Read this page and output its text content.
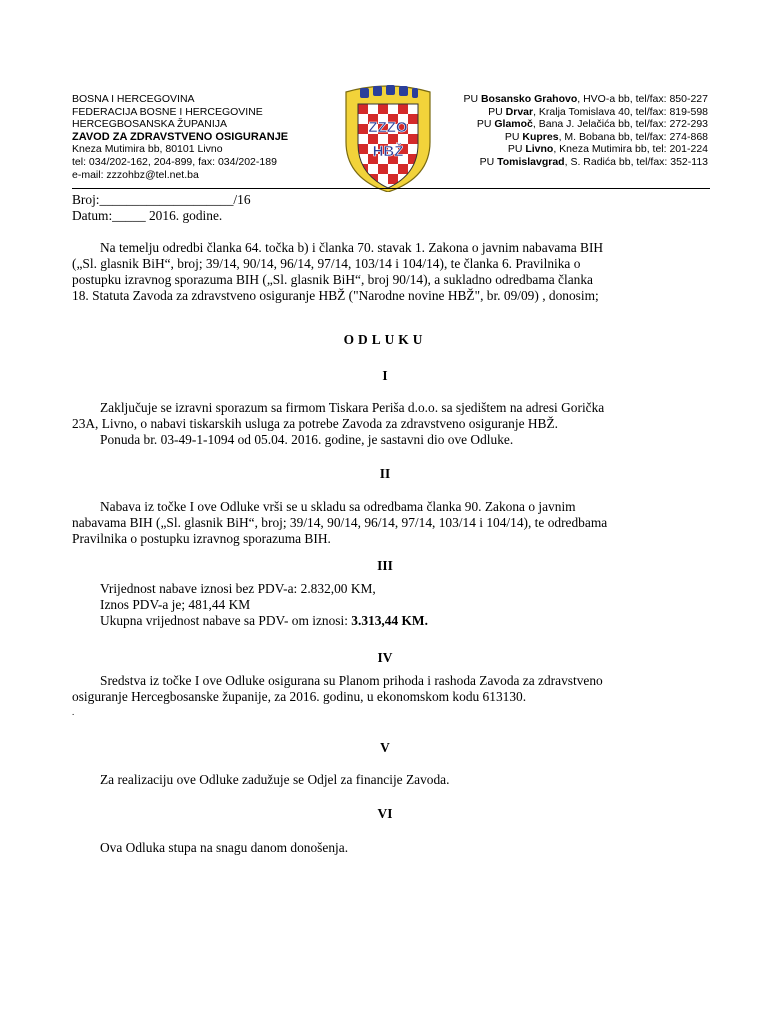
BOSNA I HERCEGOVINA
FEDERACIJA BOSNE I HERCEGOVINE
HERCEGBOSANSKA ŽUPANIJA
ZAVOD ZA ZDRAVSTVENO OSIGURANJE
Kneza Mutimira bb, 80101 Livno
tel: 034/202-162, 204-899, fax: 034/202-189
e-mail: zzzohbz@tel.net.ba
ZZZO
HBŽ
PU Bosansko Grahovo, HVO-a bb, tel/fax: 850-227
PU Drvar, Kralja Tomislava 40, tel/fax: 819-598
PU Glamoč, Bana J. Jelačića bb, tel/fax: 272-293
PU Kupres, M. Bobana bb, tel/fax: 274-868
PU Livno, Kneza Mutimira bb, tel: 201-224
PU Tomislavgrad, S. Radića bb, tel/fax: 352-113
Broj:____________________/16
Datum:_____ 2016. godine.
Na temelju odredbi članka 64. točka b) i članka 70. stavak 1. Zakona o javnim nabavama BIH
(„Sl. glasnik BiH“, broj; 39/14, 90/14, 96/14, 97/14, 103/14 i 104/14), te članka 6. Pravilnika o
postupku izravnog sporazuma BIH („Sl. glasnik BiH“, broj 90/14), a sukladno odredbama članka
18. Statuta Zavoda za zdravstveno osiguranje HBŽ ("Narodne novine HBŽ", br. 09/09) , donosim;
ODLUKU
I
Zaključuje se izravni sporazum sa firmom Tiskara Periša d.o.o. sa sjedištem na adresi Gorička
23A, Livno, o nabavi tiskarskih usluga za potrebe Zavoda za zdravstveno osiguranje HBŽ.
Ponuda br. 03-49-1-1094 od 05.04. 2016. godine, je sastavni dio ove Odluke.
II
Nabava iz točke I ove Odluke vrši se u skladu sa odredbama članka 90. Zakona o javnim
nabavama BIH („Sl. glasnik BiH“, broj; 39/14, 90/14, 96/14, 97/14, 103/14 i 104/14), te odredbama
Pravilnika o postupku izravnog sporazuma BIH.
III
Vrijednost nabave iznosi bez PDV-a: 2.832,00 KM,
Iznos PDV-a je; 481,44 KM
Ukupna vrijednost nabave sa PDV- om iznosi: 3.313,44 KM.
IV
Sredstva iz točke I ove Odluke osigurana su Planom prihoda i rashoda Zavoda za zdravstveno
osiguranje Hercegbosanske županije, za 2016. godinu, u ekonomskom kodu 613130.
.
V
Za realizaciju ove Odluke zadužuje se Odjel za financije Zavoda.
VI
Ova Odluka stupa na snagu danom donošenja.
